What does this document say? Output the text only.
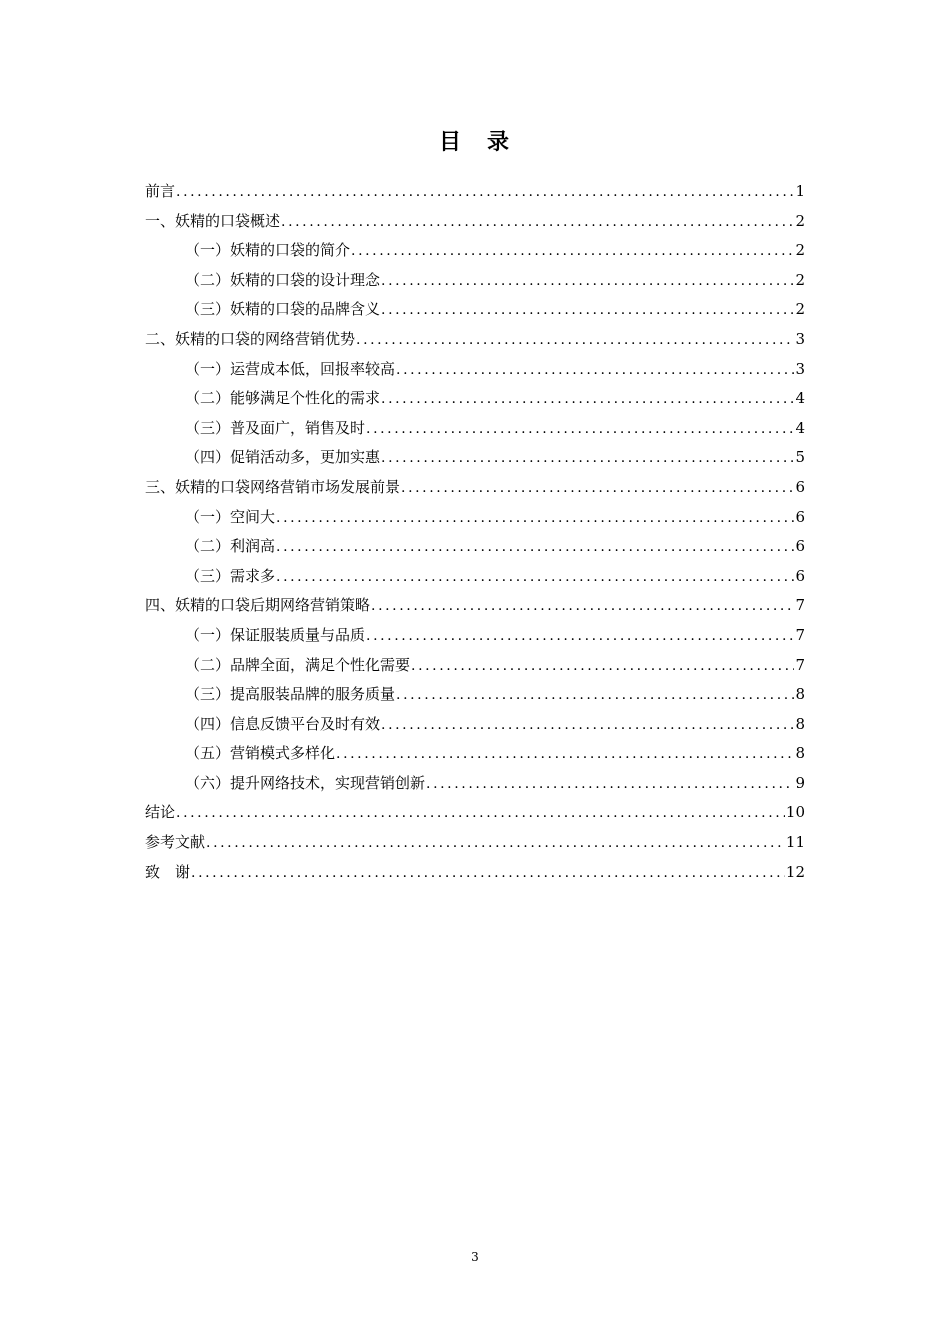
目　录
前言 .....	1
一、妖精的口袋概述 .....	2
（一）妖精的口袋的简介 .....	2
（二）妖精的口袋的设计理念 .....	2
（三）妖精的口袋的品牌含义 .....	2
二、妖精的口袋的网络营销优势 .....	3
（一）运营成本低，回报率较高 .....	3
（二）能够满足个性化的需求 .....	4
（三）普及面广，销售及时 .....	4
（四）促销活动多，更加实惠 .....	5
三、妖精的口袋网络营销市场发展前景 .....	6
（一）空间大 .....	6
（二）利润高 .....	6
（三）需求多 .....	6
四、妖精的口袋后期网络营销策略 .....	7
（一）保证服装质量与品质 .....	7
（二）品牌全面，满足个性化需要 .....	7
（三）提高服装品牌的服务质量 .....	8
（四）信息反馈平台及时有效 .....	8
（五）营销模式多样化 .....	8
（六）提升网络技术，实现营销创新 .....	9
结论 .....	10
参考文献 .....	11
致　谢 .....	12
3
